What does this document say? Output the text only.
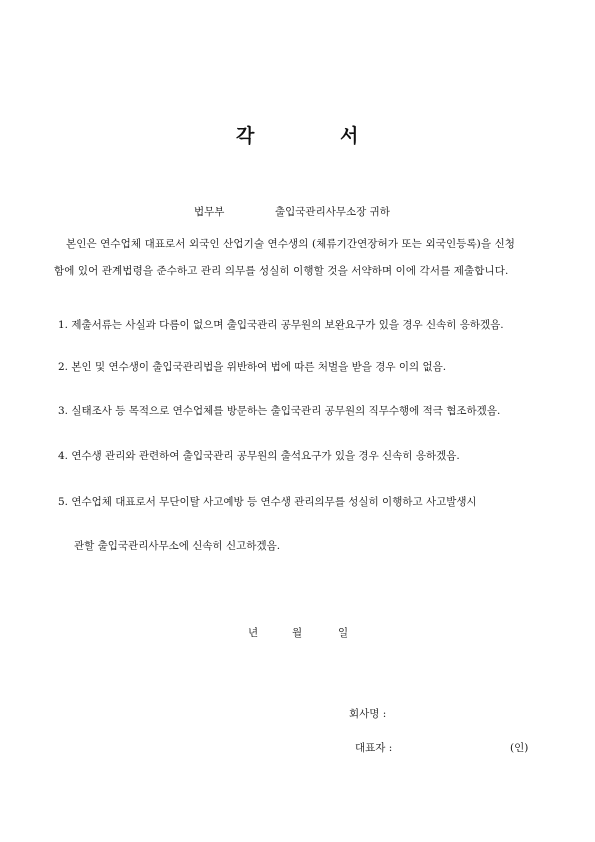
각	서
법무부	출입국관리사무소장 귀하
본인은 연수업체 대표로서 외국인 산업기술 연수생의 (체류기간연장허가 또는 외국인등록)을 신청
함에 있어 관계법령을 준수하고 관리 의무를 성실히 이행할 것을 서약하며 이에 각서를 제출합니다.
1. 제출서류는 사실과 다름이 없으며 출입국관리 공무원의 보완요구가 있을 경우 신속히 응하겠음.
2. 본인 및 연수생이 출입국관리법을 위반하여 법에 따른 처벌을 받을 경우 이의 없음.
3. 실태조사 등 목적으로 연수업체를 방문하는 출입국관리 공무원의 직무수행에 적극 협조하겠음.
4. 연수생 관리와 관련하여 출입국관리 공무원의 출석요구가 있을 경우 신속히 응하겠음.
5. 연수업체 대표로서 무단이탈 사고예방 등 연수생 관리의무를 성실히 이행하고 사고발생시
관할 출입국관리사무소에 신속히 신고하겠음.
년	월	일
회사명 :
대표자 :	(인)
